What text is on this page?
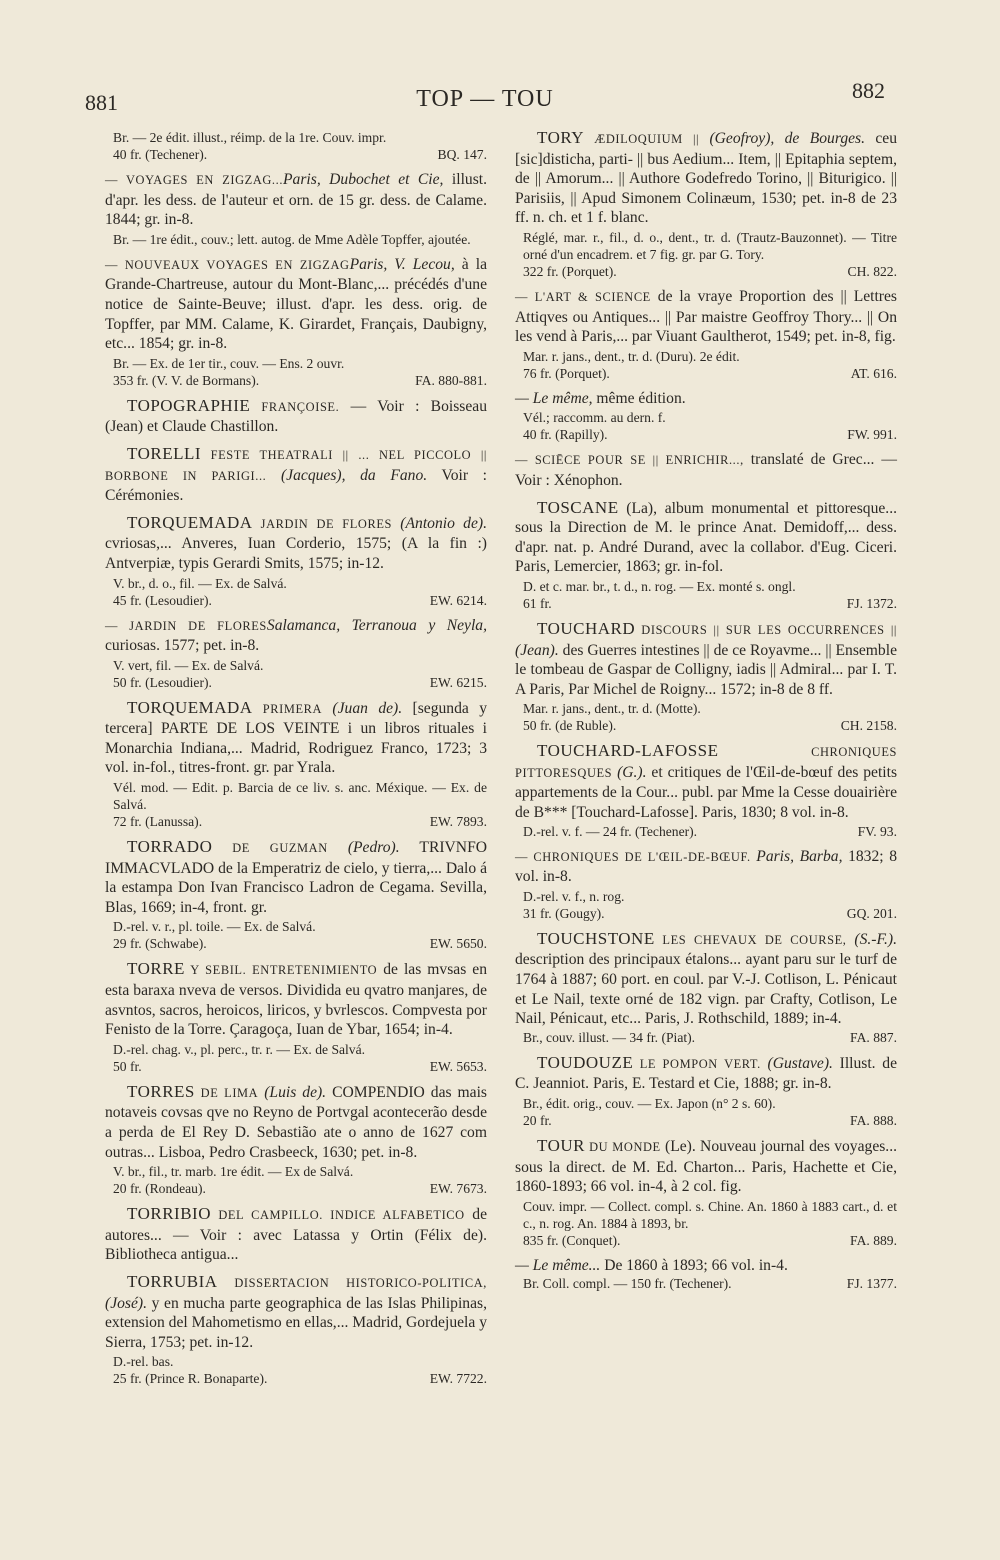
881	TOP — TOU	882

Br. — 2e édit. illust., réimp. de la 1re. Couv. impr.

40 fr. (Techener).	BQ. 147.

— VOYAGES EN ZIGZAG...Paris, Dubochet et Cie, illust. d'apr. les dess. de l'auteur et orn. de 15 gr. dess. de Calame. 1844; gr. in-8.

Br. — 1re édit., couv.; lett. autog. de Mme Adèle Topffer, ajoutée.

— NOUVEAUX VOYAGES EN ZIGZAGParis, V. Lecou, à la Grande-Chartreuse, autour du Mont-Blanc,... précédés d'une notice de Sainte-Beuve; illust. d'apr. les dess. orig. de Topffer, par MM. Calame, K. Girardet, Français, Daubigny, etc... 1854; gr. in-8.

Br. — Ex. de 1er tir., couv. — Ens. 2 ouvr.

353 fr. (V. V. de Bormans).	FA. 880-881.

TOPOGRAPHIE FRANÇOISE. — Voir : Boisseau (Jean) et Claude Chastillon.

TORELLI FESTE THEATRALI || ... NEL PICCOLO || BORBONE IN PARIGI... (Jacques), da Fano. Voir : Cérémonies.

TORQUEMADA JARDIN DE FLORES (Antonio de). cvriosas,... Anveres, Iuan Corderio, 1575; (A la fin :) Antverpiæ, typis Gerardi Smits, 1575; in-12.

V. br., d. o., fil. — Ex. de Salvá.

45 fr. (Lesoudier).	EW. 6214.

— JARDIN DE FLORESSalamanca, Terranoua y Neyla, curiosas. 1577; pet. in-8.

V. vert, fil. — Ex. de Salvá.

50 fr. (Lesoudier).	EW. 6215.

TORQUEMADA PRIMERA (Juan de). [segunda y tercera] PARTE DE LOS VEINTE i un libros rituales i Monarchia Indiana,... Madrid, Rodriguez Franco, 1723; 3 vol. in-fol., titres-front. gr. par Yrala.

Vél. mod. — Edit. p. Barcia de ce liv. s. anc. Méxique. — Ex. de Salvá.

72 fr. (Lanussa).	EW. 7893.

TORRADO DE GUZMAN (Pedro). TRIVNFO IMMACVLADO de la Emperatriz de cielo, y tierra,... Dalo á la estampa Don Ivan Francisco Ladron de Cegama. Sevilla, Blas, 1669; in-4, front. gr.

D.-rel. v. r., pl. toile. — Ex. de Salvá.

29 fr. (Schwabe).	EW. 5650.

TORRE Y SEBIL. ENTRETENIMIENTO de las mvsas en esta baraxa nveva de versos. Dividida eu qvatro manjares, de asvntos, sacros, heroicos, liricos, y bvrlescos. Compvesta por Fenisto de la Torre. Çaragoça, Iuan de Ybar, 1654; in-4.

D.-rel. chag. v., pl. perc., tr. r. — Ex. de Salvá.

50 fr.	EW. 5653.

TORRES DE LIMA (Luis de). COMPENDIO das mais notaveis covsas qve no Reyno de Portvgal acontecerão desde a perda de El Rey D. Sebastião ate o anno de 1627 com outras... Lisboa, Pedro Crasbeeck, 1630; pet. in-8.

V. br., fil., tr. marb. 1re édit. — Ex de Salvá.

20 fr. (Rondeau).	EW. 7673.

TORRIBIO DEL CAMPILLO. INDICE ALFABETICO de autores... — Voir : avec Latassa y Ortin (Félix de). Bibliotheca antigua...

TORRUBIA DISSERTACION HISTORICO-POLITICA, (José). y en mucha parte geographica de las Islas Philipinas, extension del Mahometismo en ellas,... Madrid, Gordejuela y Sierra, 1753; pet. in-12.

D.-rel. bas.

25 fr. (Prince R. Bonaparte).	EW. 7722.

TORY ÆDILOQUIUM || (Geofroy), de Bourges. ceu [sic]disticha, parti- || bus Aedium... Item, || Epitaphia septem, de || Amorum... || Authore Godefredo Torino, || Biturigico. || Parisiis, || Apud Simonem Colinæum, 1530; pet. in-8 de 23 ff. n. ch. et 1 f. blanc.

Réglé, mar. r., fil., d. o., dent., tr. d. (Trautz-Bauzonnet). — Titre orné d'un encadrem. et 7 fig. gr. par G. Tory.

322 fr. (Porquet).	CH. 822.

— L'ART & SCIENCE de la vraye Proportion des || Lettres Attiqves ou Antiques... || Par maistre Geoffroy Thory... || On les vend à Paris,... par Viuant Gaultherot, 1549; pet. in-8, fig.

Mar. r. jans., dent., tr. d. (Duru). 2e édit.

76 fr. (Porquet).	AT. 616.

— Le même, même édition.

Vél.; raccomm. au dern. f.

40 fr. (Rapilly).	FW. 991.

— SCIĒCE POUR SE || ENRICHIR..., translaté de Grec... — Voir : Xénophon.

TOSCANE (La), album monumental et pittoresque... sous la Direction de M. le prince Anat. Demidoff,... dess. d'apr. nat. p. André Durand, avec la collabor. d'Eug. Ciceri. Paris, Lemercier, 1863; gr. in-fol.

D. et c. mar. br., t. d., n. rog. — Ex. monté s. ongl.

61 fr.	FJ. 1372.

TOUCHARD DISCOURS || SUR LES OCCURRENCES || (Jean). des Guerres intestines || de ce Royavme... || Ensemble le tombeau de Gaspar de Colligny, iadis || Admiral... par I. T. A Paris, Par Michel de Roigny... 1572; in-8 de 8 ff.

Mar. r. jans., dent., tr. d. (Motte).

50 fr. (de Ruble).	CH. 2158.

TOUCHARD-LAFOSSE CHRONIQUES PITTORESQUES (G.). et critiques de l'Œil-de-bœuf des petits appartements de la Cour... publ. par Mme la Cesse douairière de B*** [Touchard-Lafosse]. Paris, 1830; 8 vol. in-8.

D.-rel. v. f. — 24 fr. (Techener).	FV. 93.

— CHRONIQUES DE L'ŒIL-DE-BŒUF. Paris, Barba, 1832; 8 vol. in-8.

D.-rel. v. f., n. rog.

31 fr. (Gougy).	GQ. 201.

TOUCHSTONE LES CHEVAUX DE COURSE, (S.-F.). description des principaux étalons... ayant paru sur le turf de 1764 à 1887; 60 port. en coul. par V.-J. Cotlison, L. Pénicaut et Le Nail, texte orné de 182 vign. par Crafty, Cotlison, Le Nail, Pénicaut, etc... Paris, J. Rothschild, 1889; in-4.

Br., couv. illust. — 34 fr. (Piat).	FA. 887.

TOUDOUZE LE POMPON VERT. (Gustave). Illust. de C. Jeanniot. Paris, E. Testard et Cie, 1888; gr. in-8.

Br., édit. orig., couv. — Ex. Japon (n° 2 s. 60).

20 fr.	FA. 888.

TOUR DU MONDE (Le). Nouveau journal des voyages... sous la direct. de M. Ed. Charton... Paris, Hachette et Cie, 1860-1893; 66 vol. in-4, à 2 col. fig.

Couv. impr. — Collect. compl. s. Chine. An. 1860 à 1883 cart., d. et c., n. rog. An. 1884 à 1893, br.

835 fr. (Conquet).	FA. 889.

— Le même... De 1860 à 1893; 66 vol. in-4.

Br. Coll. compl. — 150 fr. (Techener).	FJ. 1377.
